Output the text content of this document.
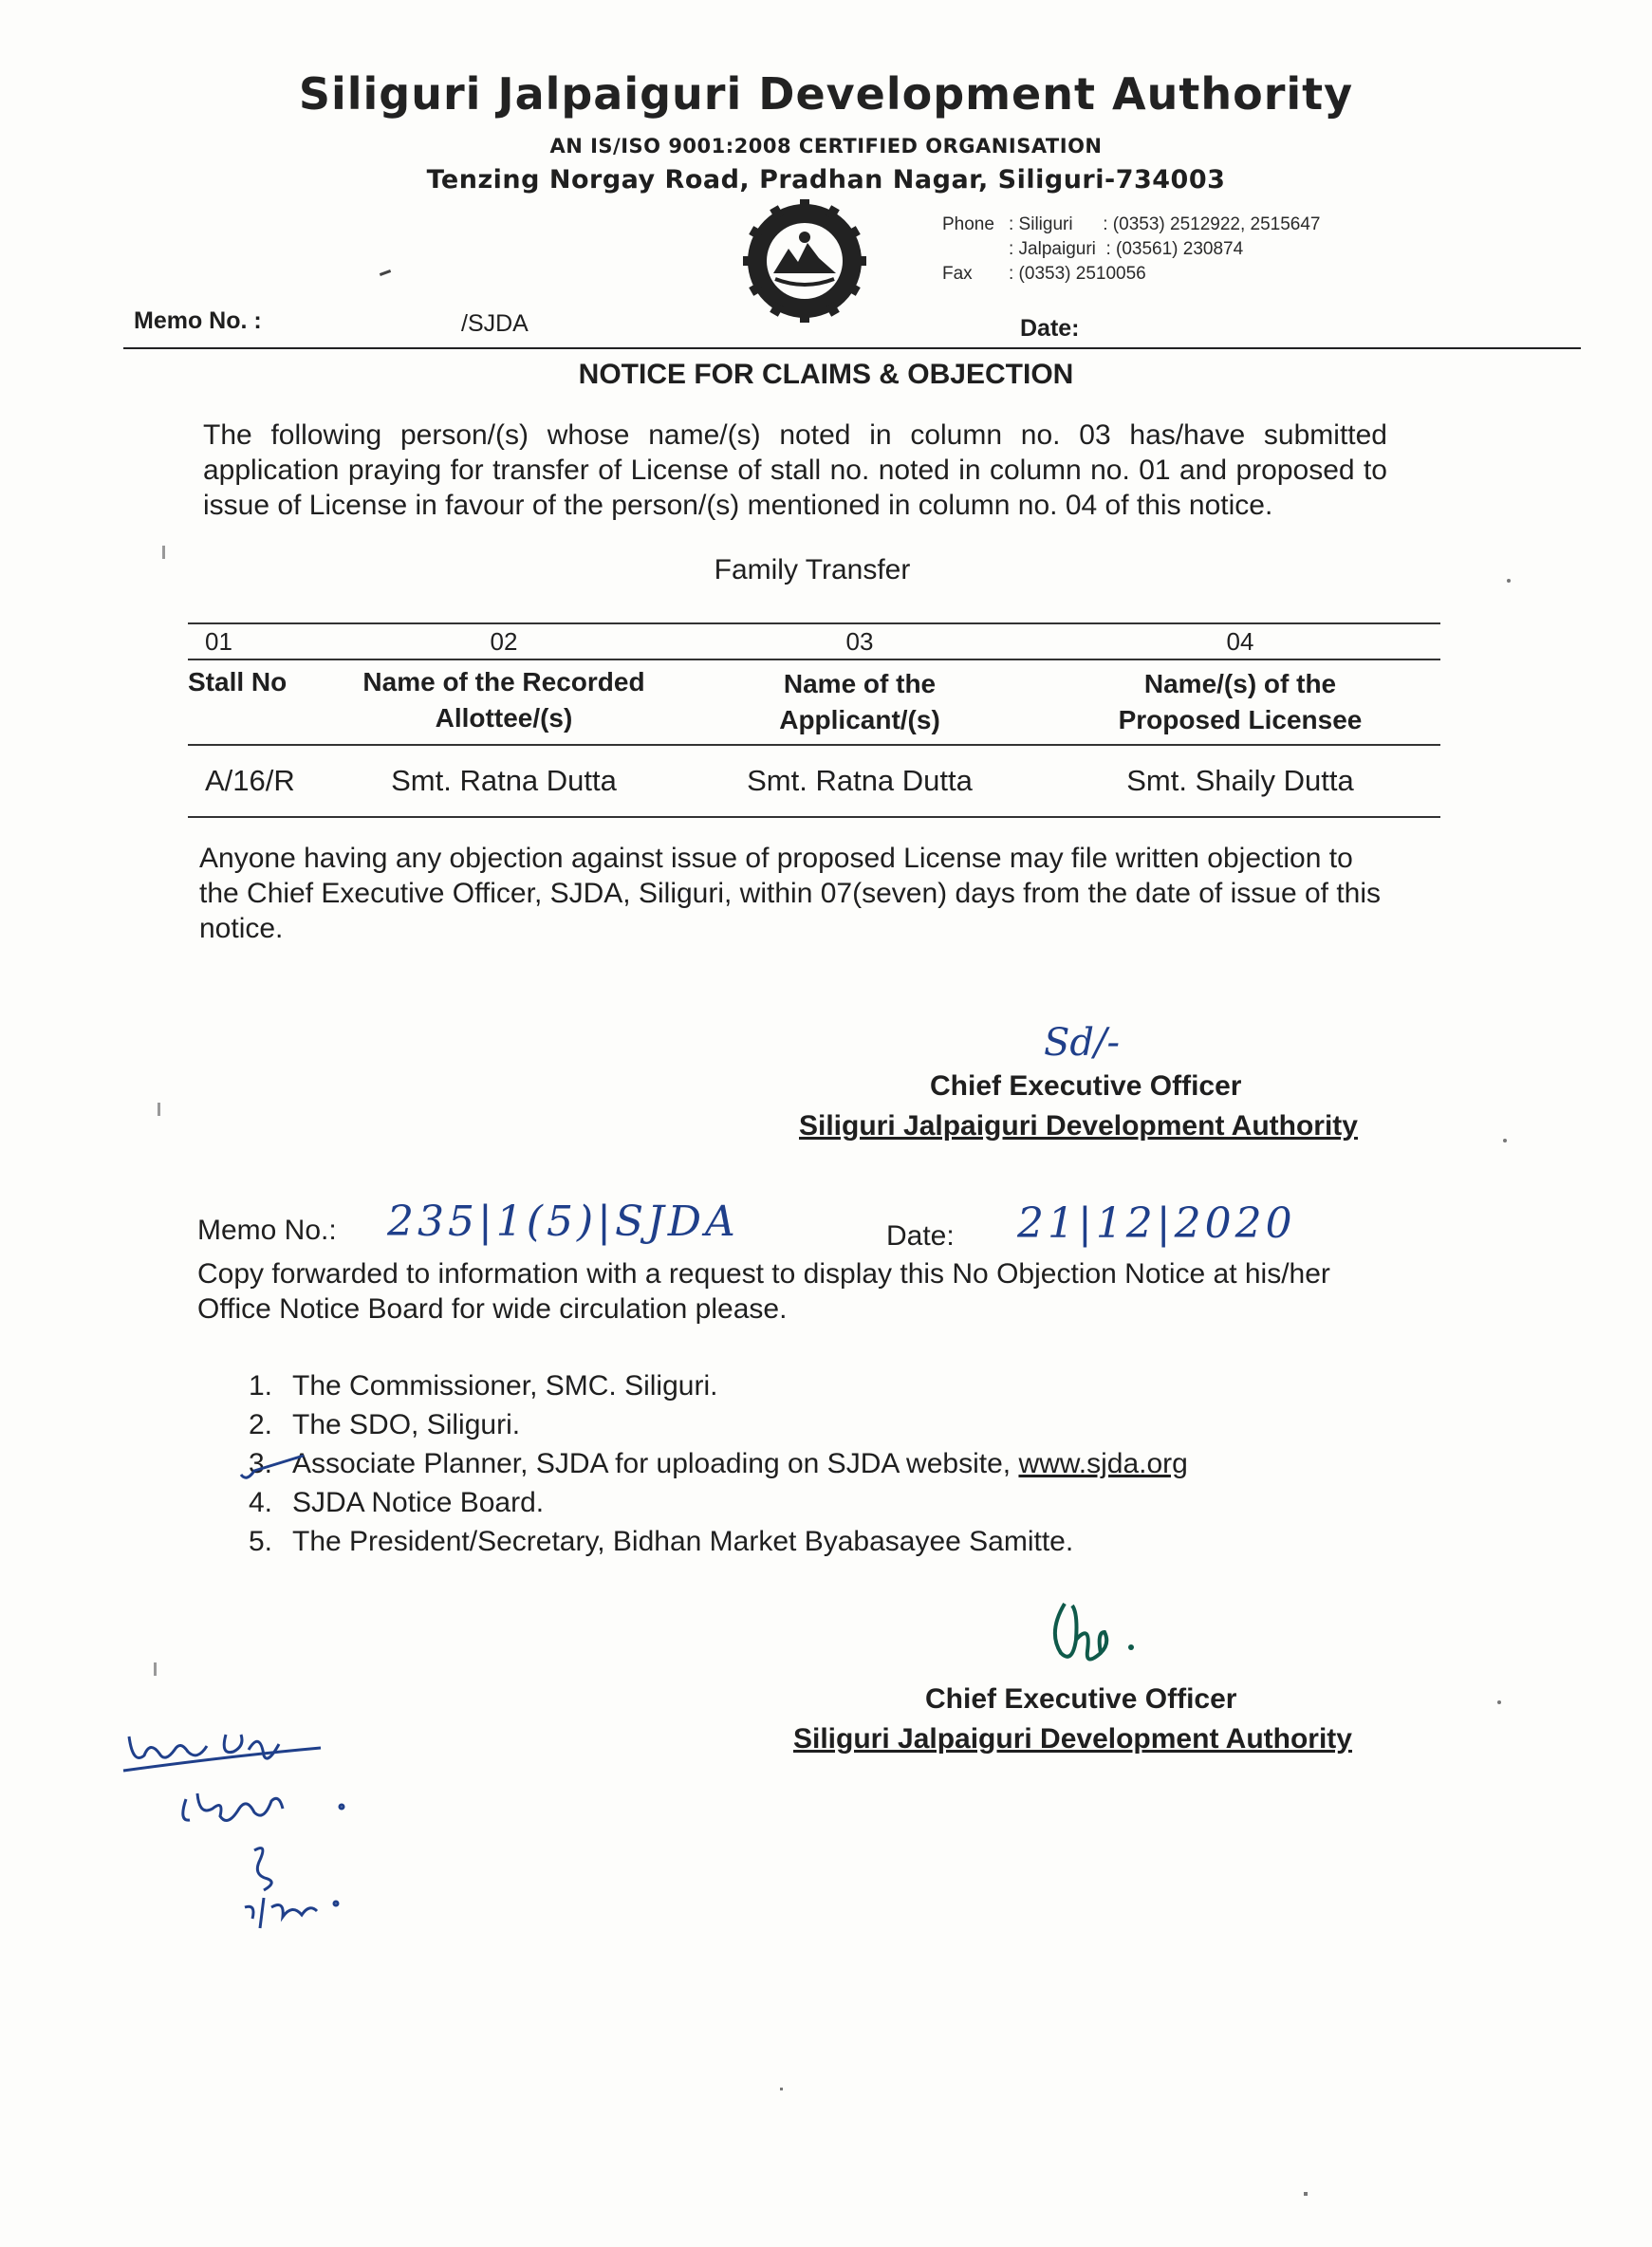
Siliguri Jalpaiguri Development Authority
AN IS/ISO 9001:2008 CERTIFIED ORGANISATION
Tenzing Norgay Road, Pradhan Nagar, Siliguri-734003
Phone : Siliguri      : (0353) 2512922, 2515647
: Jalpaiguri  : (03561) 230874
Fax : (0353) 2510056
Memo No. :	/SJDA	Date:
NOTICE FOR CLAIMS & OBJECTION
The following person/(s) whose name/(s) noted in column no. 03 has/have submitted application praying for transfer of License of stall no. noted in column no. 01 and proposed to issue of License in favour of the person/(s) mentioned in column no. 04 of this notice.
Family Transfer
01	02	03	04
Stall No	Name of the Recorded Allottee/(s)	Name of the Applicant/(s)	Name/(s) of the Proposed Licensee
A/16/R	Smt. Ratna Dutta	Smt. Ratna Dutta	Smt. Shaily Dutta
Anyone having any objection against issue of proposed License may file written objection to the Chief Executive Officer, SJDA, Siliguri, within 07(seven) days from the date of issue of this notice.
Sd/-
Chief Executive Officer
Siliguri Jalpaiguri Development Authority
Memo No.: 235|1(5)|SJDA	Date: 21|12|2020
Copy forwarded to information with a request to display this No Objection Notice at his/her Office Notice Board for wide circulation please.
1. The Commissioner, SMC. Siliguri.
2. The SDO, Siliguri.
3. Associate Planner, SJDA for uploading on SJDA website, www.sjda.org
4. SJDA Notice Board.
5. The President/Secretary, Bidhan Market Byabasayee Samitte.
Chief Executive Officer
Siliguri Jalpaiguri Development Authority
